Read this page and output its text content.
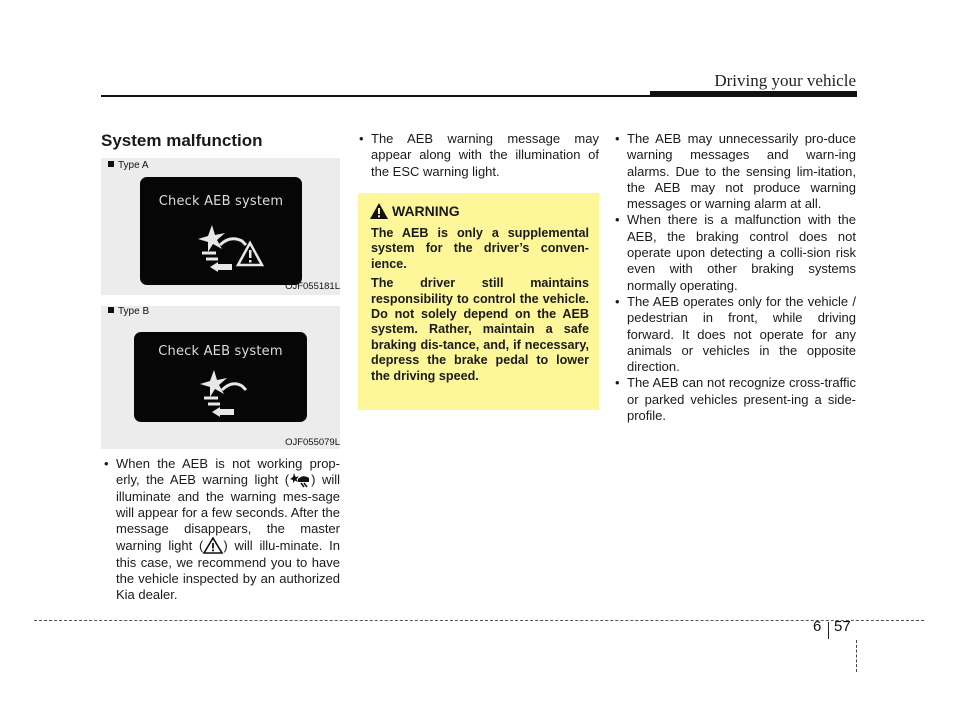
Driving your vehicle
System malfunction
Type A
Check AEB system
OJF055181L
Type B
Check AEB system
OJF055079L
• When the AEB is not working prop-erly, the AEB warning light ( ) will illuminate and the warning mes-sage will appear for a few seconds. After the message disappears, the master warning light ( ) will illu-minate. In this case, we recommend you to have the vehicle inspected by an authorized Kia dealer.
• The AEB warning message may appear along with the illumination of the ESC warning light.
WARNING

The AEB is only a supplemental system for the driver’s conven-ience.

The driver still maintains responsibility to control the vehicle. Do not solely depend on the AEB system. Rather, maintain a safe braking dis-tance, and, if necessary, depress the brake pedal to lower the driving speed.

• The AEB may unnecessarily pro-duce warning messages and warn-ing alarms. Due to the sensing lim-itation, the AEB may not produce warning messages or warning alarm at all.
• When there is a malfunction with the AEB, the braking control does not operate upon detecting a colli-sion risk even with other braking systems normally operating.
• The AEB operates only for the vehicle / pedestrian in front, while driving forward. It does not operate for any animals or vehicles in the opposite direction.
• The AEB can not recognize cross-traffic or parked vehicles present-ing a side-profile.
6 57
